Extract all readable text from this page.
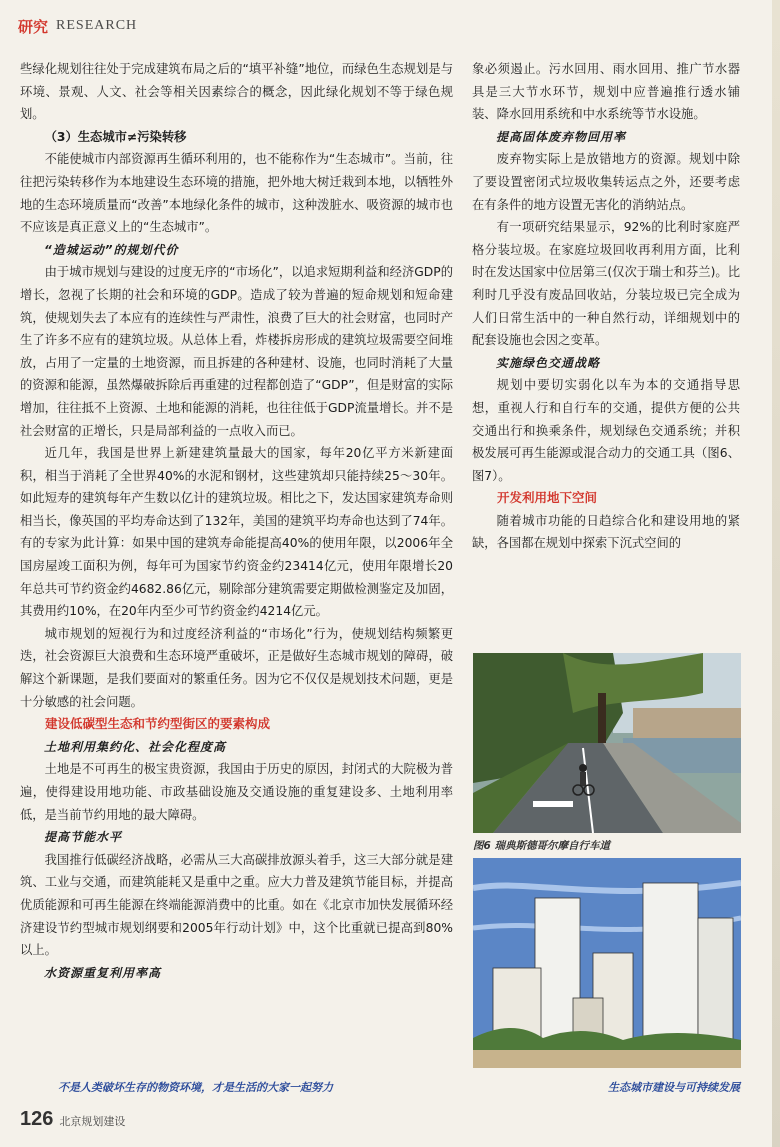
研究 RESEARCH

些绿化规划往往处于完成建筑布局之后的“填平补缝”地位，而绿色生态规划是与环境、景观、人文、社会等相关因素综合的概念，因此绿化规划不等于绿色规划。

（3）生态城市≠污染转移

不能使城市内部资源再生循环利用的，也不能称作为“生态城市”。当前，往往把污染转移作为本地建设生态环境的措施，把外地大树迁栽到本地，以牺牲外地的生态环境质量而“改善”本地绿化条件的城市，这种泼脏水、吸资源的城市也不应该是真正意义上的“生态城市”。

“造城运动”的规划代价

由于城市规划与建设的过度无序的“市场化”，以追求短期利益和经济GDP的增长，忽视了长期的社会和环境的GDP。造成了较为普遍的短命规划和短命建筑，使规划失去了本应有的连续性与严肃性，浪费了巨大的社会财富，也同时产生了许多不应有的建筑垃圾。从总体上看，炸楼拆房形成的建筑垃圾需要空间堆放，占用了一定量的土地资源，而且拆建的各种建材、设施，也同时消耗了大量的资源和能源，虽然爆破拆除后再重建的过程都创造了“GDP”，但是财富的实际增加，往往抵不上资源、土地和能源的消耗，也往往低于GDP流量增长。并不是社会财富的正增长，只是局部利益的一点收入而已。

近几年，我国是世界上新建建筑量最大的国家，每年20亿平方米新建面积，相当于消耗了全世界40%的水泥和钢材，这些建筑却只能持续25～30年。如此短寿的建筑每年产生数以亿计的建筑垃圾。相比之下，发达国家建筑寿命则相当长，像英国的平均寿命达到了132年，美国的建筑平均寿命也达到了74年。有的专家为此计算：如果中国的建筑寿命能提高40%的使用年限，以2006年全国房屋竣工面积为例，每年可为国家节约资金约23414亿元，使用年限增长20年总共可节约资金约4682.86亿元，剔除部分建筑需要定期做检测鉴定及加固，其费用约10%，在20年内至少可节约资金约4214亿元。

城市规划的短视行为和过度经济利益的“市场化”行为，使规划结构频繁更迭，社会资源巨大浪费和生态环境严重破坏，正是做好生态城市规划的障碍，破解这个新课题，是我们要面对的繁重任务。因为它不仅仅是规划技术问题，更是十分敏感的社会问题。

建设低碳型生态和节约型街区的要素构成
土地利用集约化、社会化程度高

土地是不可再生的极宝贵资源，我国由于历史的原因，封闭式的大院极为普遍，使得建设用地功能、市政基础设施及交通设施的重复建设多、土地利用率低，是当前节约用地的最大障碍。

提高节能水平

我国推行低碳经济战略，必需从三大高碳排放源头着手，这三大部分就是建筑、工业与交通，而建筑能耗又是重中之重。应大力普及建筑节能目标，并提高优质能源和可再生能源在终端能源消费中的比重。如在《北京市加快发展循环经济建设节约型城市规划纲要和2005年行动计划》中，这个比重就已提高到80%以上。

水资源重复利用率高

象必须遏止。污水回用、雨水回用、推广节水器具是三大节水环节，规划中应普遍推行透水铺装、降水回用系统和中水系统等节水设施。

提高固体废弃物回用率

废弃物实际上是放错地方的资源。规划中除了要设置密闭式垃圾收集转运点之外，还要考虑在有条件的地方设置无害化的消纳站点。

有一项研究结果显示，92%的比利时家庭严格分装垃圾。在家庭垃圾回收再利用方面，比利时在发达国家中位居第三(仅次于瑞士和芬兰)。比利时几乎没有废品回收站，分装垃圾已完全成为人们日常生活中的一种自然行动，详细规划中的配套设施也会因之变革。

实施绿色交通战略

规划中要切实弱化以车为本的交通指导思想，重视人行和自行车的交通，提供方便的公共交通出行和换乘条件，规划绿色交通系统；并积极发展可再生能源或混合动力的交通工具（图6、图7）。

开发利用地下空间

随着城市功能的日趋综合化和建设用地的紧缺，各国都在规划中探索下沉式空间的

图6 瑞典斯德哥尔摩自行车道
不是人类破坏生存的物资环境，才是生活的大家一起努力	生态城市建设与可持续发展
126 北京规划建设
